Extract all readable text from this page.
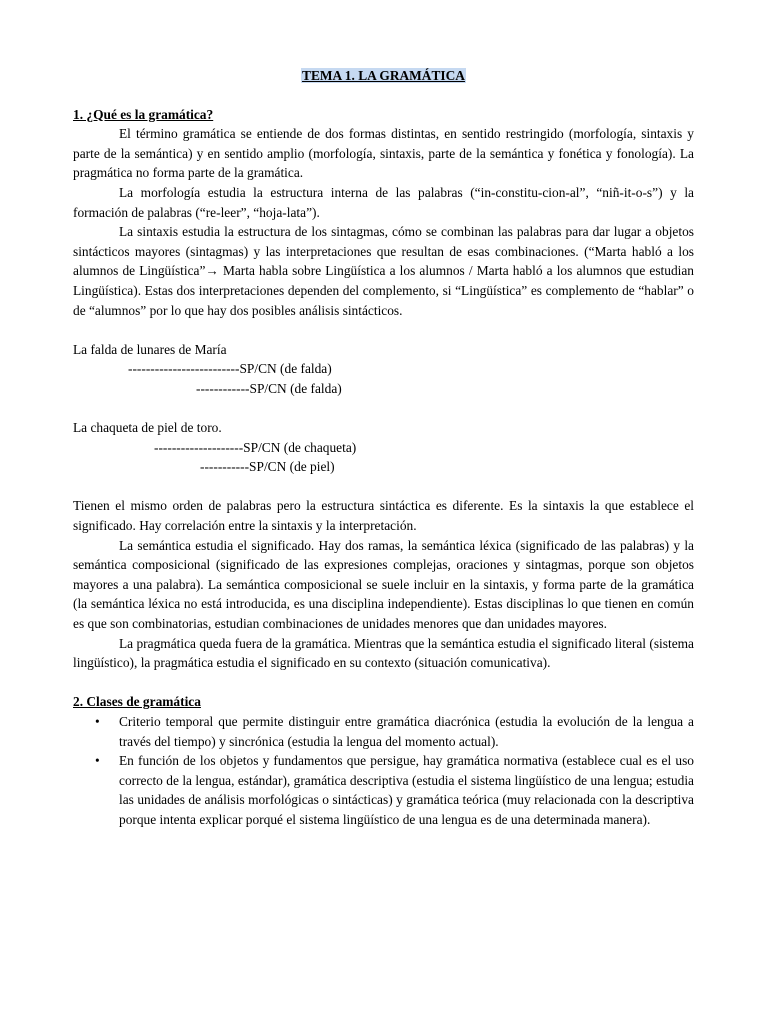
TEMA 1. LA GRAMÁTICA

1. ¿Qué es la gramática?

El término gramática se entiende de dos formas distintas, en sentido restringido (morfología, sintaxis y parte de la semántica) y en sentido amplio (morfología, sintaxis, parte de la semántica y fonética y fonología). La pragmática no forma parte de la gramática.

La morfología estudia la estructura interna de las palabras (“in-constitu-cion-al”, “niñ-it-o-s”) y la formación de palabras (“re-leer”, “hoja-lata”).

La sintaxis estudia la estructura de los sintagmas, cómo se combinan las palabras para dar lugar a objetos sintácticos mayores (sintagmas) y las interpretaciones que resultan de esas combinaciones. (“Marta habló a los alumnos de Lingüística”→ Marta habla sobre Lingüística a los alumnos / Marta habló a los alumnos que estudian Lingüística). Estas dos interpretaciones dependen del complemento, si “Lingüística” es complemento de “hablar” o de “alumnos” por lo que hay dos posibles análisis sintácticos.

La falda de lunares de María

-------------------------SP/CN (de falda)

------------SP/CN (de falda)

La chaqueta de piel de toro.

--------------------SP/CN (de chaqueta)

-----------SP/CN (de piel)

Tienen el mismo orden de palabras pero la estructura sintáctica es diferente. Es la sintaxis la que establece el significado. Hay correlación entre la sintaxis y la interpretación.

La semántica estudia el significado. Hay dos ramas, la semántica léxica (significado de las palabras) y la semántica composicional (significado de las expresiones complejas, oraciones y sintagmas, porque son objetos mayores a una palabra). La semántica composicional se suele incluir en la sintaxis, y forma parte de la gramática (la semántica léxica no está introducida, es una disciplina independiente). Estas disciplinas lo que tienen en común es que son combinatorias, estudian combinaciones de unidades menores que dan unidades mayores.

La pragmática queda fuera de la gramática. Mientras que la semántica estudia el significado literal (sistema lingüístico), la pragmática estudia el significado en su contexto (situación comunicativa).

2. Clases de gramática

• Criterio temporal que permite distinguir entre gramática diacrónica (estudia la evolución de la lengua a través del tiempo) y sincrónica (estudia la lengua del momento actual).
• En función de los objetos y fundamentos que persigue, hay gramática normativa (establece cual es el uso correcto de la lengua, estándar), gramática descriptiva (estudia el sistema lingüístico de una lengua; estudia las unidades de análisis morfológicas o sintácticas) y gramática teórica (muy relacionada con la descriptiva porque intenta explicar porqué el sistema lingüístico de una lengua es de una determinada manera).
